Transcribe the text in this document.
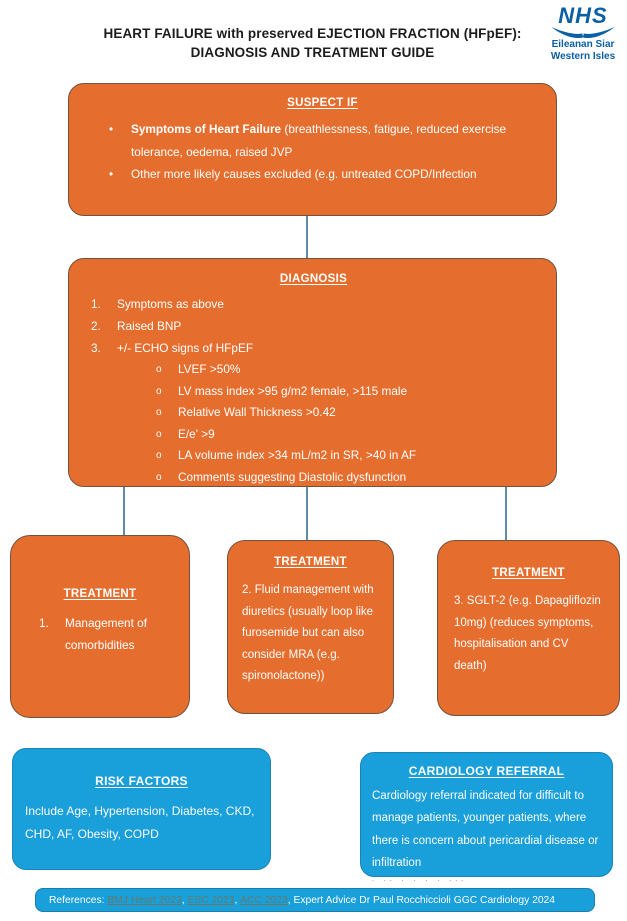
HEART FAILURE with preserved EJECTION FRACTION (HFpEF):
DIAGNOSIS AND TREATMENT GUIDE
NHS
Eileanan Siar
Western Isles
SUSPECT IF
•	Symptoms of Heart Failure (breathlessness, fatigue, reduced exercise tolerance, oedema, raised JVP
•	Other more likely causes excluded (e.g. untreated COPD/Infection
DIAGNOSIS
1.	Symptoms as above
2.	Raised BNP
3.	+/- ECHO signs of HFpEF
o	LVEF >50%
o	LV mass index >95 g/m2 female, >115 male
o	Relative Wall Thickness >0.42
o	E/e' >9
o	LA volume index >34 mL/m2 in SR, >40 in AF
o	Comments suggesting Diastolic dysfunction
TREATMENT
1.	Management of comorbidities
TREATMENT
2. Fluid management with diuretics (usually loop like furosemide but can also consider MRA (e.g. spironolactone))
TREATMENT
3. SGLT-2 (e.g. Dapagliflozin 10mg) (reduces symptoms, hospitalisation and CV death)
RISK FACTORS
Include Age, Hypertension, Diabetes, CKD, CHD, AF, Obesity, COPD
CARDIOLOGY REFERRAL
Cardiology referral indicated for difficult to manage patients, younger patients, where there is concern about pericardial disease or infiltration
. .. . . . . ...
References: BMJ Heart 2023 , ESC 2023 , ACC 2023 , Expert Advice Dr Paul Rocchiccioli GGC Cardiology 2024
